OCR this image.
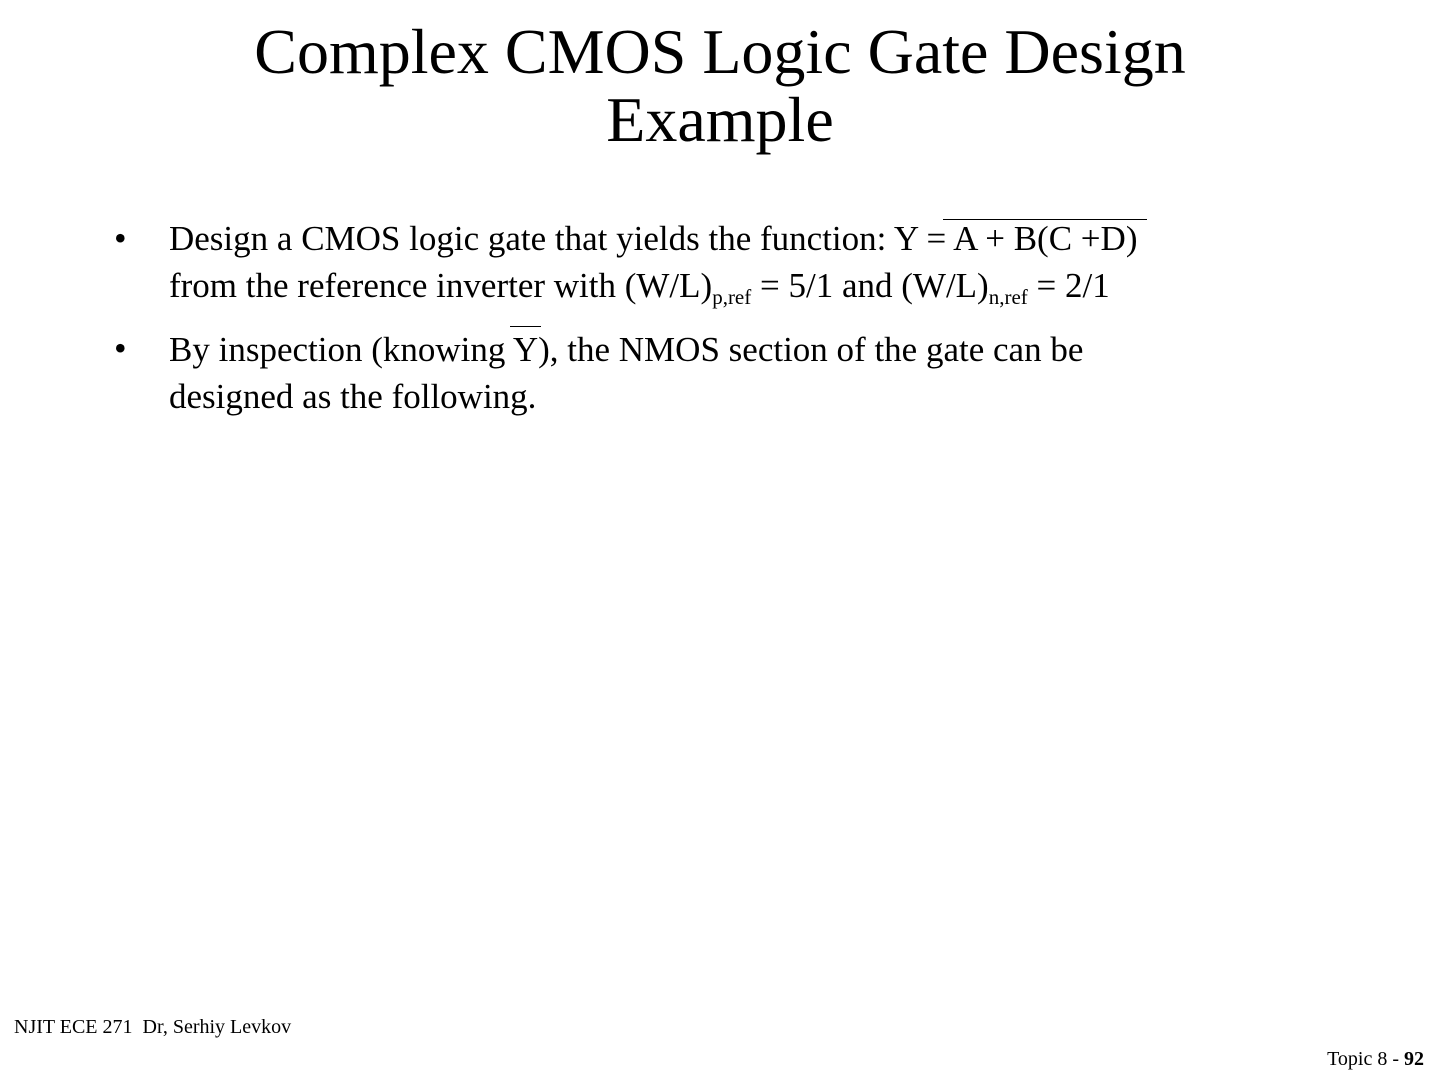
Complex CMOS Logic Gate Design
Example
• Design a CMOS logic gate that yields the function: Y = A + B(C +D)
from the reference inverter with $(W/L)_{p,ref} = 5/1$ and $(W/L)_{n,ref} = 2/1$
• By inspection (knowing Y
), the NMOS section of the gate can be
designed as the following.
NJIT ECE 271  Dr, Serhiy Levkov
Topic 8 - 92
